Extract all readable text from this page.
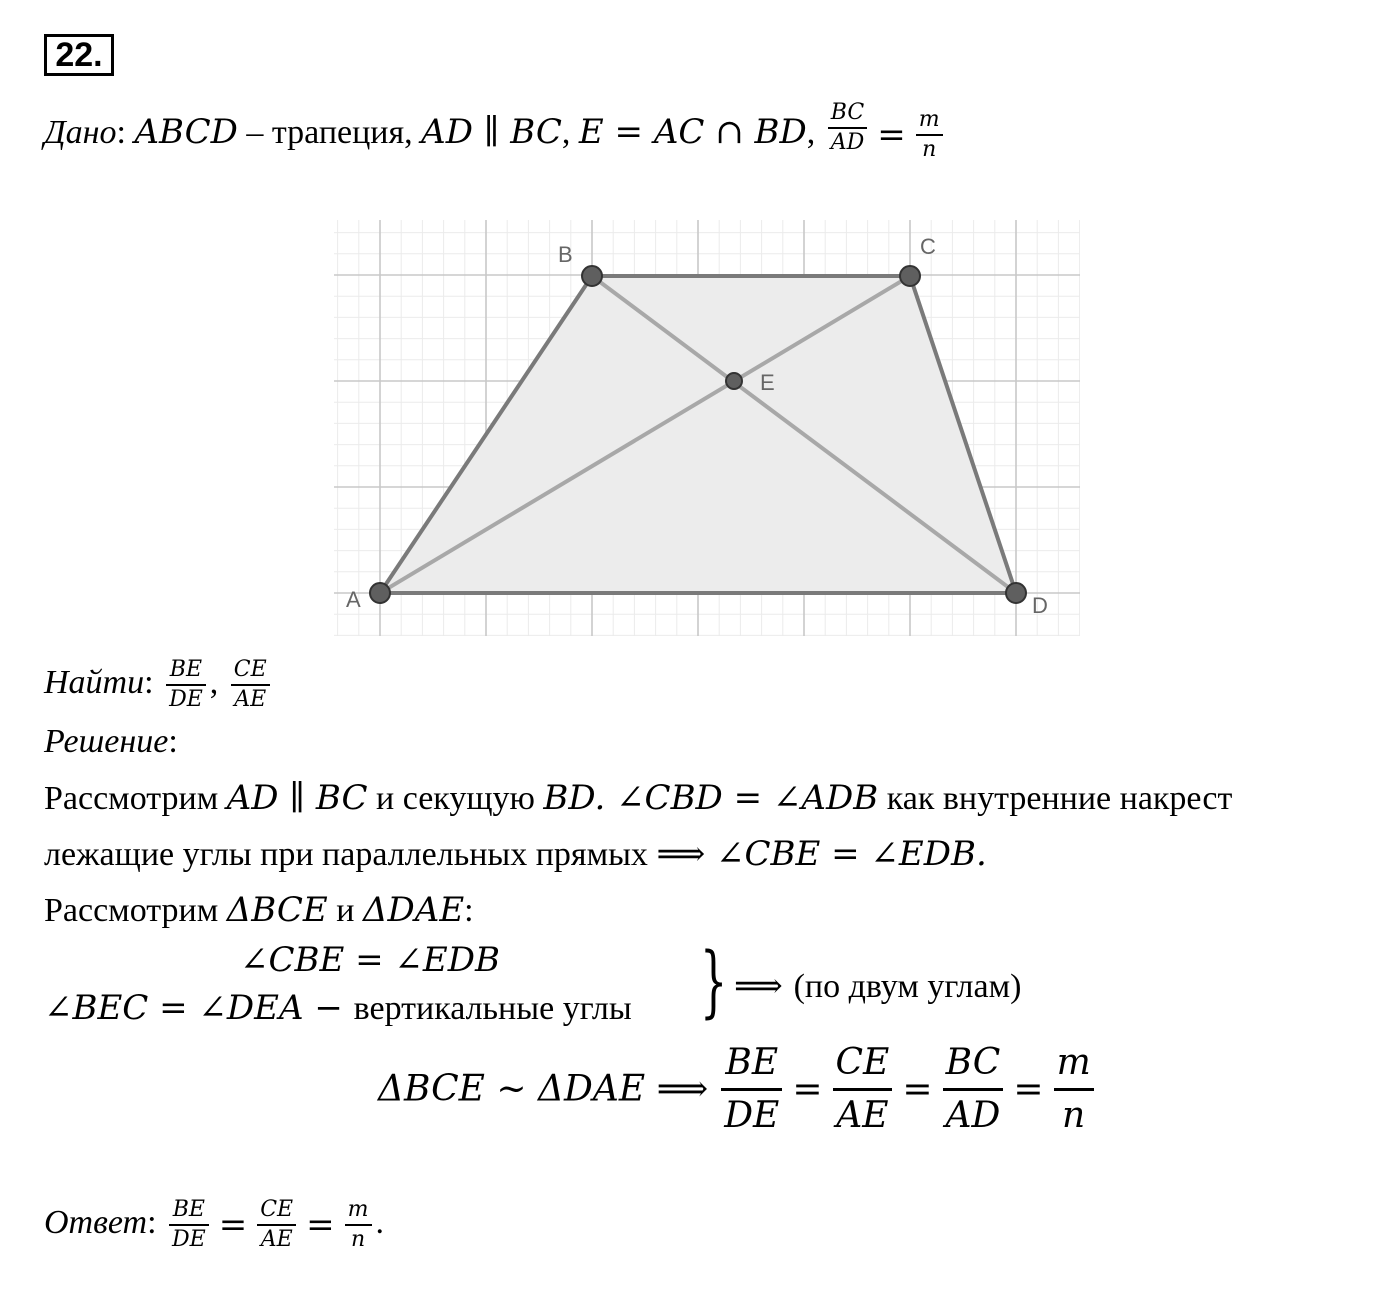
22.
Дано: ABCD – трапеция, AD ∥ BC, E = AC ∩ BD, $\frac{BC}{AD} = \frac{m}{n}$
A
B	C
D
E
Найти: $\frac{BE}{DE}$ , $\frac{CE}{AE}$
Решение:
Рассмотрим AD ∥ BC и секущую BD. ∠CBD = ∠ADB как внутренние накрест
лежащие углы при параллельных прямых ⟹ ∠CBE = ∠EDB.
Рассмотрим ΔBCE и ΔDAE:
∠CBE = ∠EDB
∠BEC = ∠DEA − вертикальные углы } ⟹ (по двум углам)
ΔBCE ~ ΔDAE ⟹ $\frac{BE}{DE} = \frac{CE}{AE} = \frac{BC}{AD} = \frac{m}{n}$
Ответ: $\frac{BE}{DE} = \frac{CE}{AE} = \frac{m}{n}$ .
